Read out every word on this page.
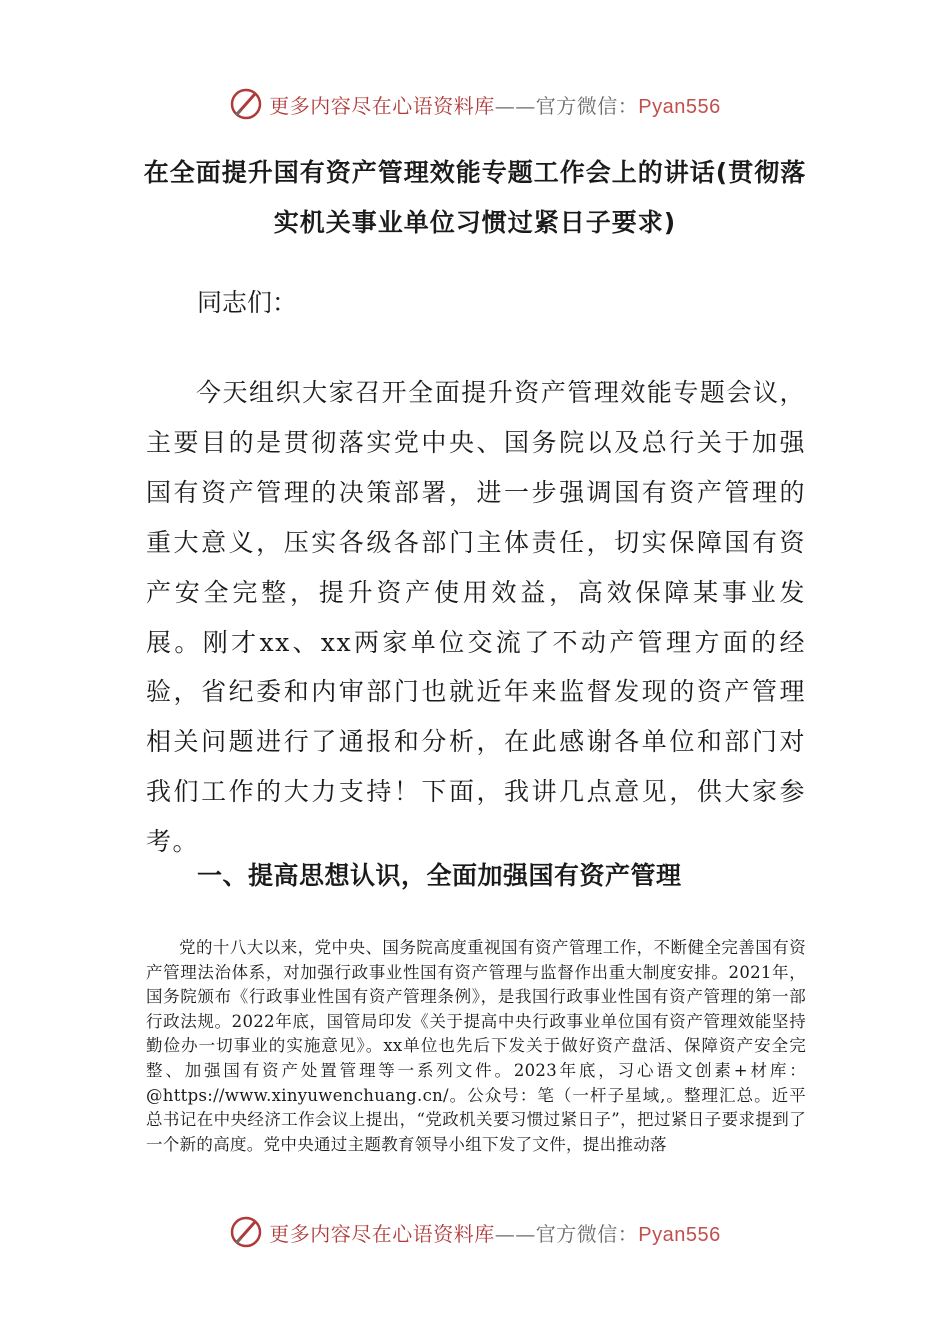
更多内容尽在心语资料库——官方微信：Pyan556
在全面提升国有资产管理效能专题工作会上的讲话(贯彻落实机关事业单位习惯过紧日子要求)
同志们：
今天组织大家召开全面提升资产管理效能专题会议，主要目的是贯彻落实党中央、国务院以及总行关于加强国有资产管理的决策部署，进一步强调国有资产管理的重大意义，压实各级各部门主体责任，切实保障国有资产安全完整，提升资产使用效益，高效保障某事业发展。刚才xx、xx两家单位交流了不动产管理方面的经验，省纪委和内审部门也就近年来监督发现的资产管理相关问题进行了通报和分析，在此感谢各单位和部门对我们工作的大力支持！下面，我讲几点意见，供大家参考。
一、提高思想认识，全面加强国有资产管理
党的十八大以来，党中央、国务院高度重视国有资产管理工作，不断健全完善国有资产管理法治体系，对加强行政事业性国有资产管理与监督作出重大制度安排。2021年，国务院颁布《行政事业性国有资产管理条例》，是我国行政事业性国有资产管理的第一部行政法规。2022年底，国管局印发《关于提高中央行政事业单位国有资产管理效能坚持勤俭办一切事业的实施意见》。xx单位也先后下发关于做好资产盘活、保障资产安全完整、加强国有资产处置管理等一系列文件。2023年底，习心语文创素+材库：@https://www.xinyuwenchuang.cn/。公众号：笔（一杆子星域,。整理汇总。近平总书记在中央经济工作会议上提出，“党政机关要习惯过紧日子”，把过紧日子要求提到了一个新的高度。党中央通过主题教育领导小组下发了文件，提出推动落
更多内容尽在心语资料库——官方微信：Pyan556
